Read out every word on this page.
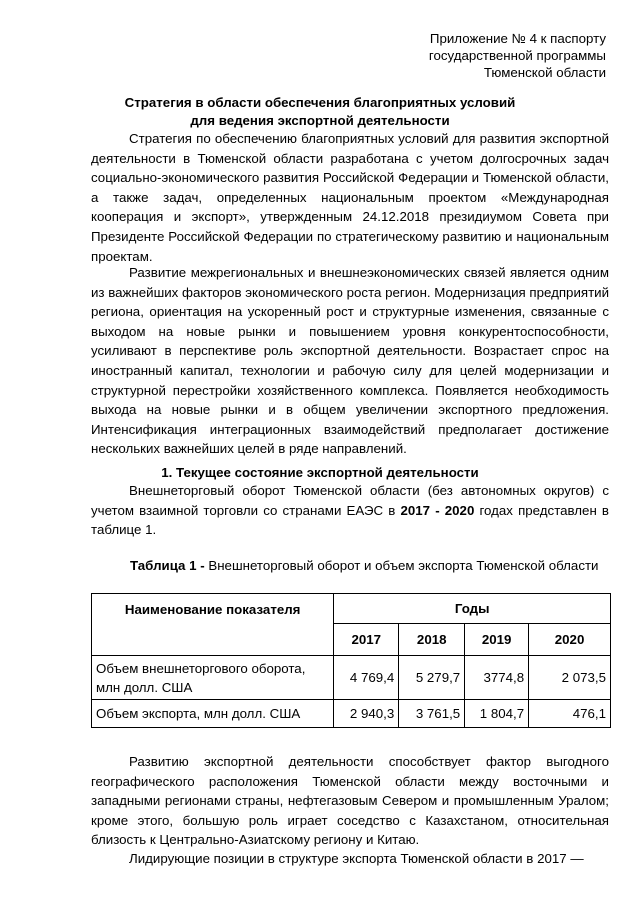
Приложение № 4 к паспорту
государственной программы
Тюменской области
Стратегия в области обеспечения благоприятных условий
для ведения экспортной деятельности
Стратегия по обеспечению благоприятных условий для развития экспортной деятельности в Тюменской области разработана с учетом долгосрочных задач социально-экономического развития Российской Федерации и Тюменской области, а также задач, определенных национальным проектом «Международная кооперация и экспорт», утвержденным 24.12.2018 президиумом Совета при Президенте Российской Федерации по стратегическому развитию и национальным проектам.
Развитие межрегиональных и внешнеэкономических связей является одним из важнейших факторов экономического роста регион. Модернизация предприятий региона, ориентация на ускоренный рост и структурные изменения, связанные с выходом на новые рынки и повышением уровня конкурентоспособности, усиливают в перспективе роль экспортной деятельности. Возрастает спрос на иностранный капитал, технологии и рабочую силу для целей модернизации и структурной перестройки хозяйственного комплекса. Появляется необходимость выхода на новые рынки и в общем увеличении экспортного предложения. Интенсификация интеграционных взаимодействий предполагает достижение нескольких важнейших целей в ряде направлений.
1. Текущее состояние экспортной деятельности
Внешнеторговый оборот Тюменской области (без автономных округов) с учетом взаимной торговли со странами ЕАЭС в 2017 - 2020 годах представлен в таблице 1.
Таблица 1 - Внешнеторговый оборот и объем экспорта Тюменской области
Наименование показателя	Годы			
	2017	2018	2019	2020
Объем внешнеторгового оборота, млн долл. США	4 769,4	5 279,7	3774,8	2 073,5
Объем экспорта, млн долл. США	2 940,3	3 761,5	1 804,7	476,1
Развитию экспортной деятельности способствует фактор выгодного географического расположения Тюменской области между восточными и западными регионами страны, нефтегазовым Севером и промышленным Уралом; кроме этого, большую роль играет соседство с Казахстаном, относительная близость к Центрально-Азиатскому региону и Китаю.
Лидирующие позиции в структуре экспорта Тюменской области в 2017 —
